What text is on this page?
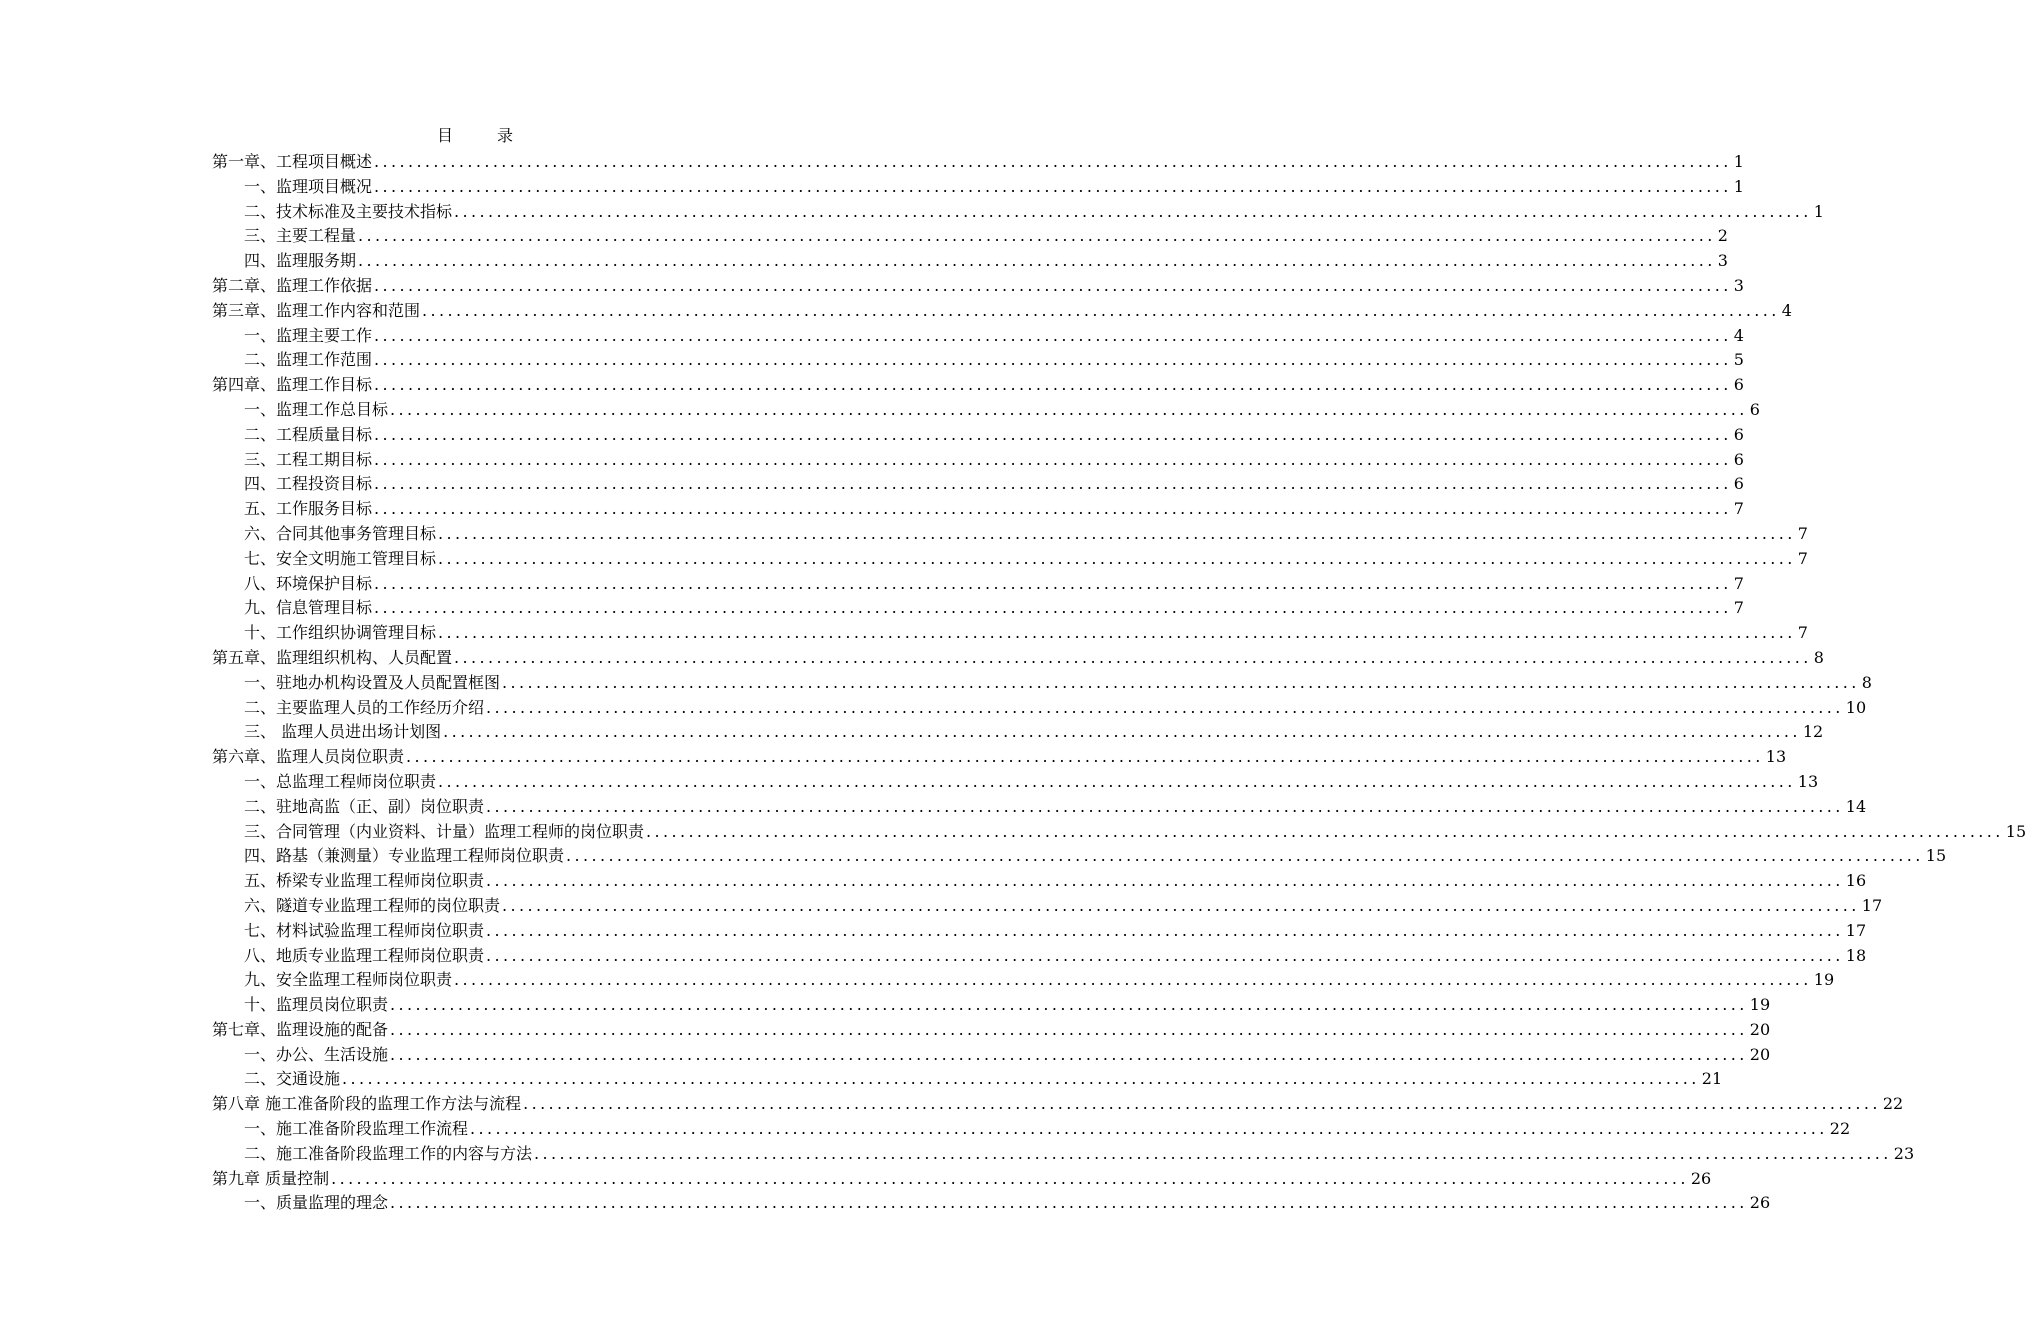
目　录
第一章、工程项目概述 ................................................................................................................................................................ 1
一、监理项目概况 ................................................................................................................................................................ 1
二、技术标准及主要技术指标 ................................................................................................................................................................ 1
三、主要工程量 ................................................................................................................................................................ 2
四、监理服务期 ................................................................................................................................................................ 3
第二章、监理工作依据 ................................................................................................................................................................ 3
第三章、监理工作内容和范围 ................................................................................................................................................................ 4
一、监理主要工作 ................................................................................................................................................................ 4
二、监理工作范围 ................................................................................................................................................................ 5
第四章、监理工作目标 ................................................................................................................................................................ 6
一、监理工作总目标 ................................................................................................................................................................ 6
二、工程质量目标 ................................................................................................................................................................ 6
三、工程工期目标 ................................................................................................................................................................ 6
四、工程投资目标 ................................................................................................................................................................ 6
五、工作服务目标 ................................................................................................................................................................ 7
六、合同其他事务管理目标 ................................................................................................................................................................ 7
七、安全文明施工管理目标 ................................................................................................................................................................ 7
八、环境保护目标 ................................................................................................................................................................ 7
九、信息管理目标 ................................................................................................................................................................ 7
十、工作组织协调管理目标 ................................................................................................................................................................ 7
第五章、监理组织机构、人员配置 ................................................................................................................................................................ 8
一、驻地办机构设置及人员配置框图 ................................................................................................................................................................ 8
二、主要监理人员的工作经历介绍 ................................................................................................................................................................ 10
三、 监理人员进出场计划图 ................................................................................................................................................................ 12
第六章、监理人员岗位职责 ................................................................................................................................................................ 13
一、总监理工程师岗位职责 ................................................................................................................................................................ 13
二、驻地高监（正、副）岗位职责 ................................................................................................................................................................ 14
三、合同管理（内业资料、计量）监理工程师的岗位职责 ................................................................................................................................................................ 15
四、路基（兼测量）专业监理工程师岗位职责 ................................................................................................................................................................ 15
五、桥梁专业监理工程师岗位职责 ................................................................................................................................................................ 16
六、隧道专业监理工程师的岗位职责 ................................................................................................................................................................ 17
七、材料试验监理工程师岗位职责 ................................................................................................................................................................ 17
八、地质专业监理工程师岗位职责 ................................................................................................................................................................ 18
九、安全监理工程师岗位职责 ................................................................................................................................................................ 19
十、监理员岗位职责 ................................................................................................................................................................ 19
第七章、监理设施的配备 ................................................................................................................................................................ 20
一、办公、生活设施 ................................................................................................................................................................ 20
二、交通设施 ................................................................................................................................................................ 21
第八章 施工准备阶段的监理工作方法与流程 ................................................................................................................................................................ 22
一、施工准备阶段监理工作流程 ................................................................................................................................................................ 22
二、施工准备阶段监理工作的内容与方法 ................................................................................................................................................................ 23
第九章 质量控制 ................................................................................................................................................................ 26
一、质量监理的理念 ................................................................................................................................................................ 26
